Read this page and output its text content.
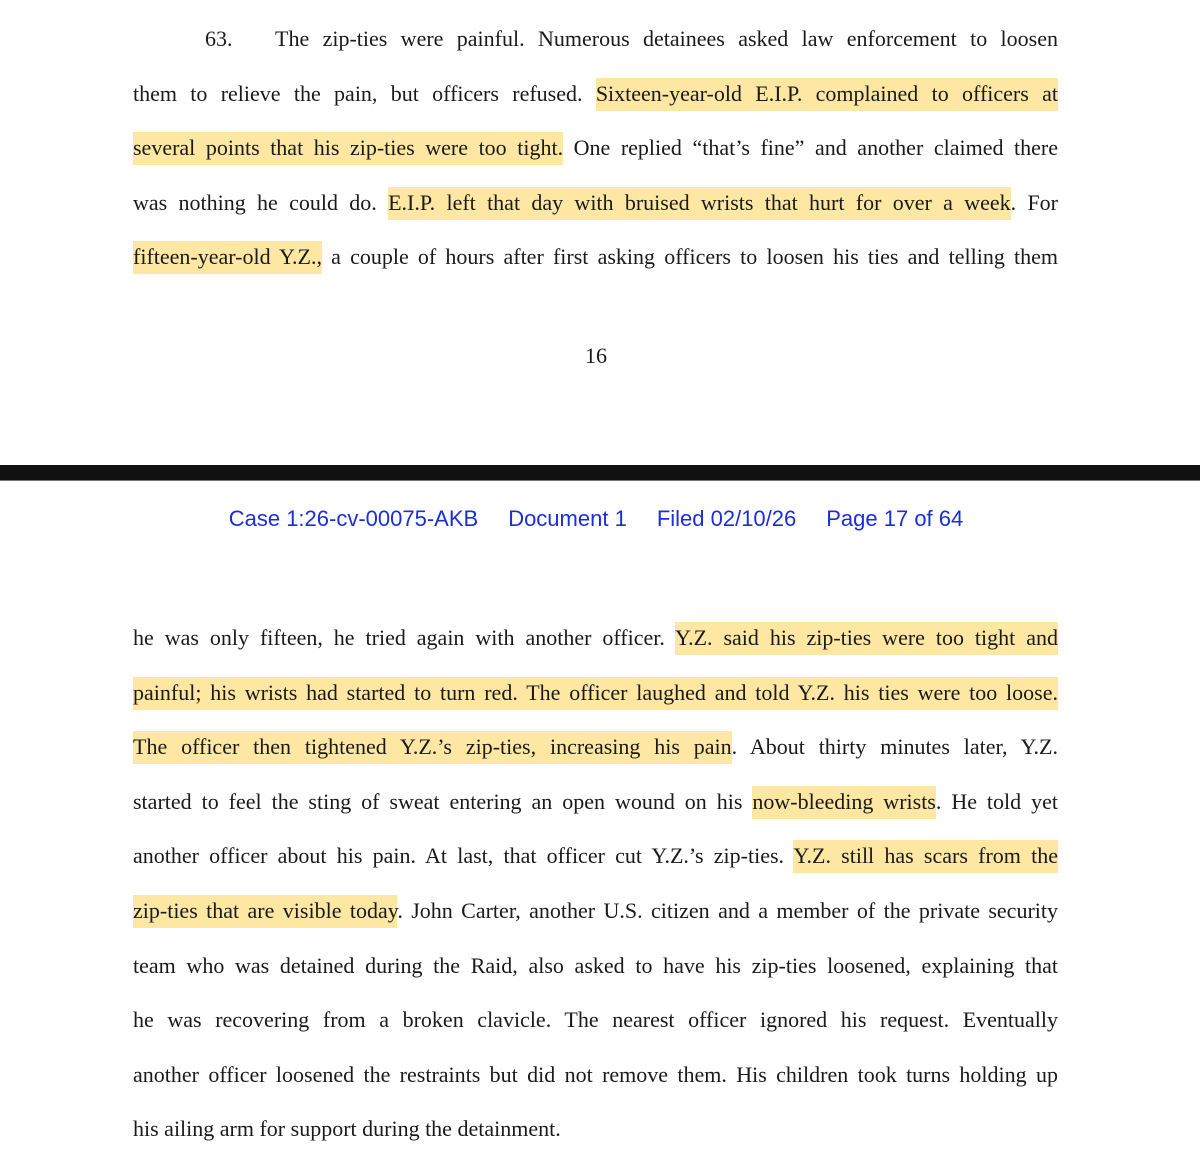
63. The zip-ties were painful. Numerous detainees asked law enforcement to loosen
them to relieve the pain, but officers refused. Sixteen-year-old E.I.P. complained to officers at
several points that his zip-ties were too tight. One replied “that’s fine” and another claimed there
was nothing he could do. E.I.P. left that day with bruised wrists that hurt for over a week. For
fifteen-year-old Y.Z., a couple of hours after first asking officers to loosen his ties and telling them
16
Case 1:26-cv-00075-AKB Document 1 Filed 02/10/26 Page 17 of 64
he was only fifteen, he tried again with another officer. Y.Z. said his zip-ties were too tight and
painful; his wrists had started to turn red. The officer laughed and told Y.Z. his ties were too loose.
The officer then tightened Y.Z.’s zip-ties, increasing his pain. About thirty minutes later, Y.Z.
started to feel the sting of sweat entering an open wound on his now-bleeding wrists. He told yet
another officer about his pain. At last, that officer cut Y.Z.’s zip-ties. Y.Z. still has scars from the
zip-ties that are visible today. John Carter, another U.S. citizen and a member of the private security
team who was detained during the Raid, also asked to have his zip-ties loosened, explaining that
he was recovering from a broken clavicle. The nearest officer ignored his request. Eventually
another officer loosened the restraints but did not remove them. His children took turns holding up
his ailing arm for support during the detainment.
